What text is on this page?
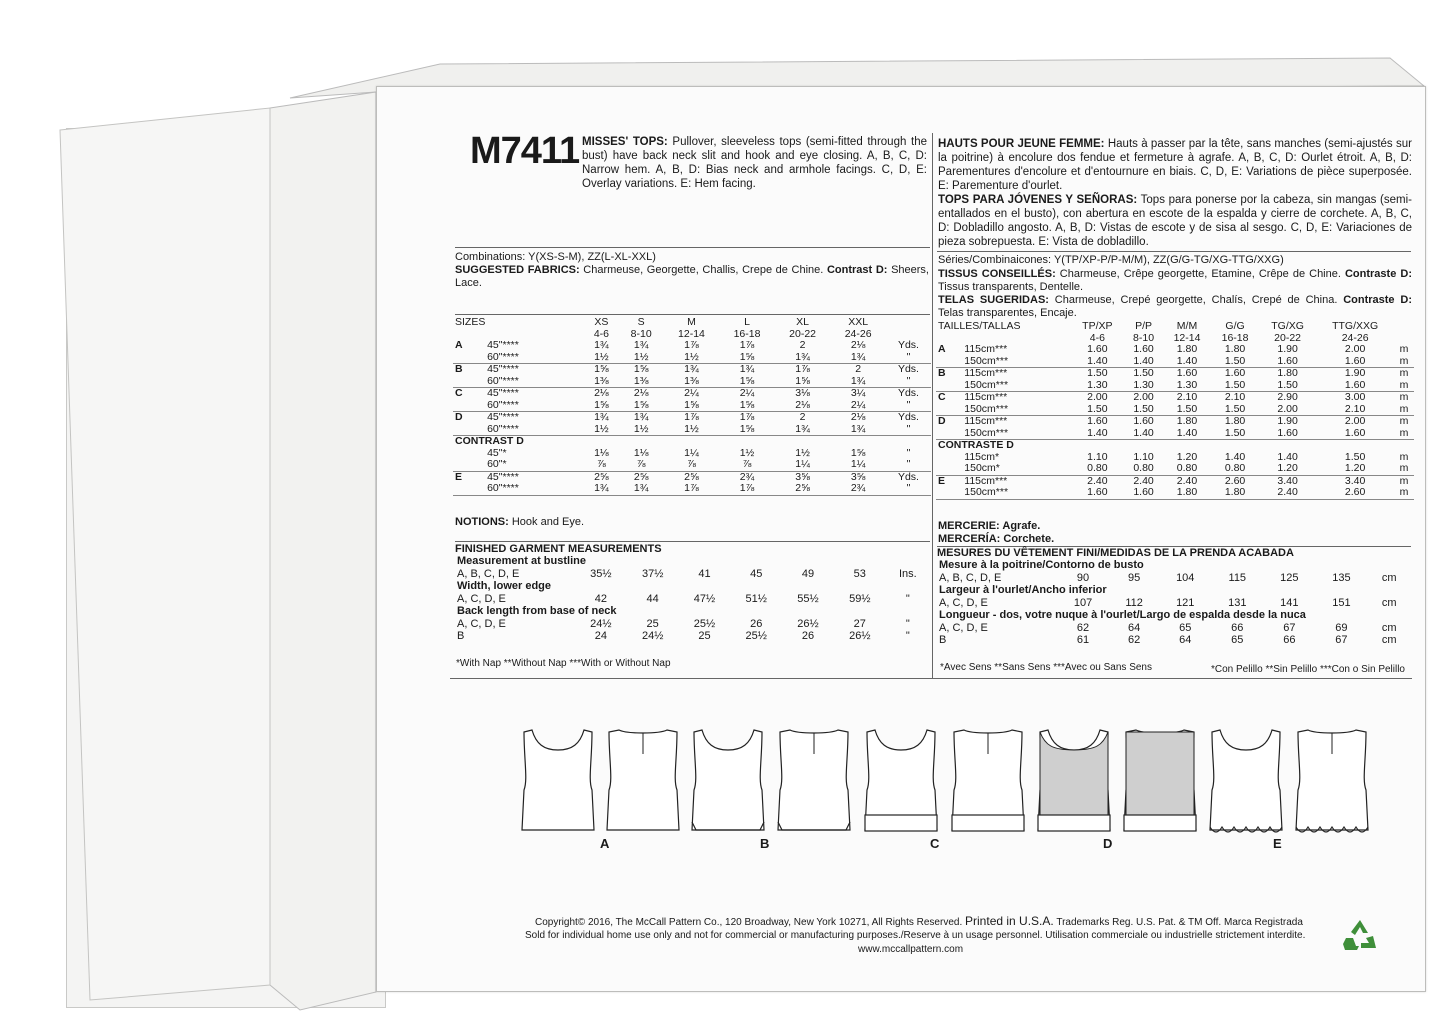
M7411 MISSES' TOPS: Pullover, sleeveless tops (semi-fitted through the bust) have back neck slit and hook and eye closing. A, B, C, D: Narrow hem. A, B, D: Bias neck and armhole facings. C, D, E: Overlay variations. E: Hem facing.
HAUTS POUR JEUNE FEMME: Hauts à passer par la tête, sans manches (semi-ajustés sur la poitrine) à encolure dos fendue et fermeture à agrafe. A, B, C, D: Ourlet étroit. A, B, D: Parementures d'encolure et d'entournure en biais. C, D, E: Variations de pièce superposée. E: Parementure d'ourlet.
TOPS PARA JÓVENES Y SEÑORAS: Tops para ponerse por la cabeza, sin mangas (semi-entallados en el busto), con abertura en escote de la espalda y cierre de corchete. A, B, C, D: Dobladillo angosto. A, B, D: Vistas de escote y de sisa al sesgo. C, D, E: Variaciones de pieza sobrepuesta. E: Vista de dobladillo.
Combinations: Y(XS-S-M), ZZ(L-XL-XXL)
SUGGESTED FABRICS: Charmeuse, Georgette, Challis, Crepe de Chine. Contrast D: Sheers, Lace.
Séries/Combinaicones: Y(TP/XP-P/P-M/M), ZZ(G/G-TG/XG-TTG/XXG)
TISSUS CONSEILLÉS: Charmeuse, Crêpe georgette, Etamine, Crêpe de Chine. Contraste D: Tissus transparents, Dentelle.
TELAS SUGERIDAS: Charmeuse, Crepé georgette, Chalís, Crepé de China. Contraste D: Telas transparentes, Encaje.
SIZES		XS	S	M	L	XL	XXL	
		4-6	8-10	12-14	16-18	20-22	24-26	
A	45"****	1¾	1¾	1⅞	1⅞	2	2⅛	Yds.
	60"****	1½	1½	1½	1⅝	1¾	1¾	"
B	45"****	1⅝	1⅝	1¾	1¾	1⅞	2	Yds.
	60"****	1⅜	1⅜	1⅜	1⅝	1⅝	1¾	"
C	45"****	2⅛	2⅛	2¼	2¼	3⅛	3¼	Yds.
	60"****	1⅝	1⅝	1⅝	1⅝	2⅛	2¼	"
D	45"****	1¾	1¾	1⅞	1⅞	2	2⅛	Yds.
	60"****	1½	1½	1½	1⅝	1¾	1¾	"
CONTRAST D								
	45"*	1⅛	1⅛	1¼	1½	1½	1⅝	"
	60"*	⅞	⅞	⅞	⅞	1¼	1¼	"
E	45"****	2⅝	2⅝	2⅝	2¾	3⅝	3⅝	Yds.
	60"****	1¾	1¾	1⅞	1⅞	2⅝	2¾	"
NOTIONS: Hook and Eye.
TAILLES/TALLAS		TP/XP	P/P	M/M	G/G	TG/XG	TTG/XXG	
		4-6	8-10	12-14	16-18	20-22	24-26	
A	115cm***	1.60	1.60	1.80	1.80	1.90	2.00	m
	150cm***	1.40	1.40	1.40	1.50	1.60	1.60	m
B	115cm***	1.50	1.50	1.60	1.60	1.80	1.90	m
	150cm***	1.30	1.30	1.30	1.50	1.50	1.60	m
C	115cm***	2.00	2.00	2.10	2.10	2.90	3.00	m
	150cm***	1.50	1.50	1.50	1.50	2.00	2.10	m
D	115cm***	1.60	1.60	1.80	1.80	1.90	2.00	m
	150cm***	1.40	1.40	1.40	1.50	1.60	1.60	m
CONTRASTE D								
	115cm*	1.10	1.10	1.20	1.40	1.40	1.50	m
	150cm*	0.80	0.80	0.80	0.80	1.20	1.20	m
E	115cm***	2.40	2.40	2.40	2.60	3.40	3.40	m
	150cm***	1.60	1.60	1.80	1.80	2.40	2.60	m
MERCERIE: Agrafe.
MERCERÍA: Corchete.
FINISHED GARMENT MEASUREMENTS
Measurement at bustline							
A, B, C, D, E	35½	37½	41	45	49	53	Ins.
Width, lower edge							
A, C, D, E	42	44	47½	51½	55½	59½	"
Back length from base of neck							
A, C, D, E	24½	25	25½	26	26½	27	"
B	24	24½	25	25½	26	26½	"
*With Nap **Without Nap ***With or Without Nap
MESURES DU VÊTEMENT FINI/MEDIDAS DE LA PRENDA ACABADA
Mesure à la poitrine/Contorno de busto							
A, B, C, D, E	90	95	104	115	125	135	cm
Largeur à l'ourlet/Ancho inferior							
A, C, D, E	107	112	121	131	141	151	cm
Longueur - dos, votre nuque à l'ourlet/Largo de espalda desde la nuca							
A, C, D, E	62	64	65	66	67	69	cm
B	61	62	64	65	66	67	cm
*Avec Sens **Sans Sens ***Avec ou Sans Sens	*Con Pelillo **Sin Pelillo ***Con o Sin Pelillo
A	B	C	D	E
Copyright© 2016, The McCall Pattern Co., 120 Broadway, New York 10271, All Rights Reserved. Printed in U.S.A. Trademarks Reg. U.S. Pat. & TM Off. Marca Registrada
Sold for individual home use only and not for commercial or manufacturing purposes./Reserve à un usage personnel. Utilisation commerciale ou industrielle strictement interdite.
www.mccallpattern.com
